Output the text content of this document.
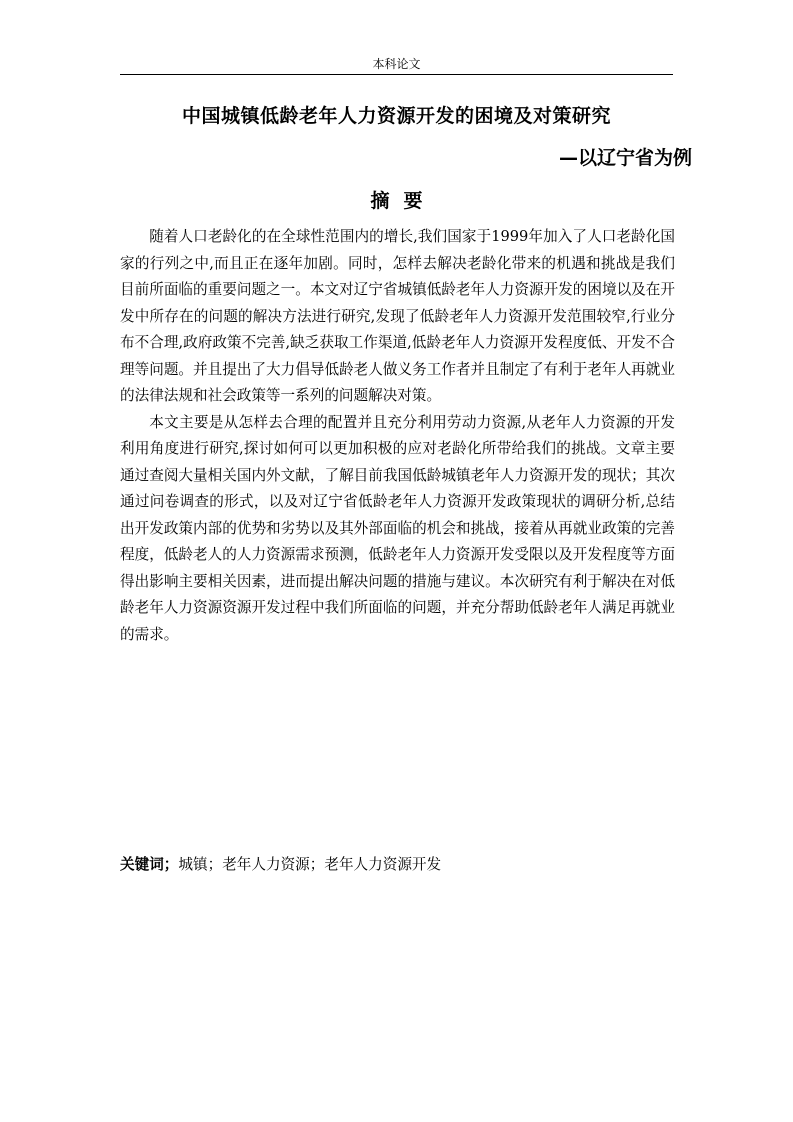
本科论文
中国城镇低龄老年人力资源开发的困境及对策研究
—以辽宁省为例
摘要

随着人口老龄化的在全球性范围内的增长,我们国家于1999年加入了人口老龄化国家的行列之中,而且正在逐年加剧。同时，怎样去解决老龄化带来的机遇和挑战是我们目前所面临的重要问题之一。本文对辽宁省城镇低龄老年人力资源开发的困境以及在开发中所存在的问题的解决方法进行研究,发现了低龄老年人力资源开发范围较窄,行业分布不合理,政府政策不完善,缺乏获取工作渠道,低龄老年人力资源开发程度低、开发不合理等问题。并且提出了大力倡导低龄老人做义务工作者并且制定了有利于老年人再就业的法律法规和社会政策等一系列的问题解决对策。

本文主要是从怎样去合理的配置并且充分利用劳动力资源,从老年人力资源的开发利用角度进行研究,探讨如何可以更加积极的应对老龄化所带给我们的挑战。文章主要通过查阅大量相关国内外文献，了解目前我国低龄城镇老年人力资源开发的现状；其次通过问卷调查的形式，以及对辽宁省低龄老年人力资源开发政策现状的调研分析,总结出开发政策内部的优势和劣势以及其外部面临的机会和挑战，接着从再就业政策的完善程度，低龄老人的人力资源需求预测，低龄老年人力资源开发受限以及开发程度等方面得出影响主要相关因素，进而提出解决问题的措施与建议。本次研究有利于解决在对低龄老年人力资源资源开发过程中我们所面临的问题，并充分帮助低龄老年人满足再就业的需求。

关键词；城镇；老年人力资源；老年人力资源开发
